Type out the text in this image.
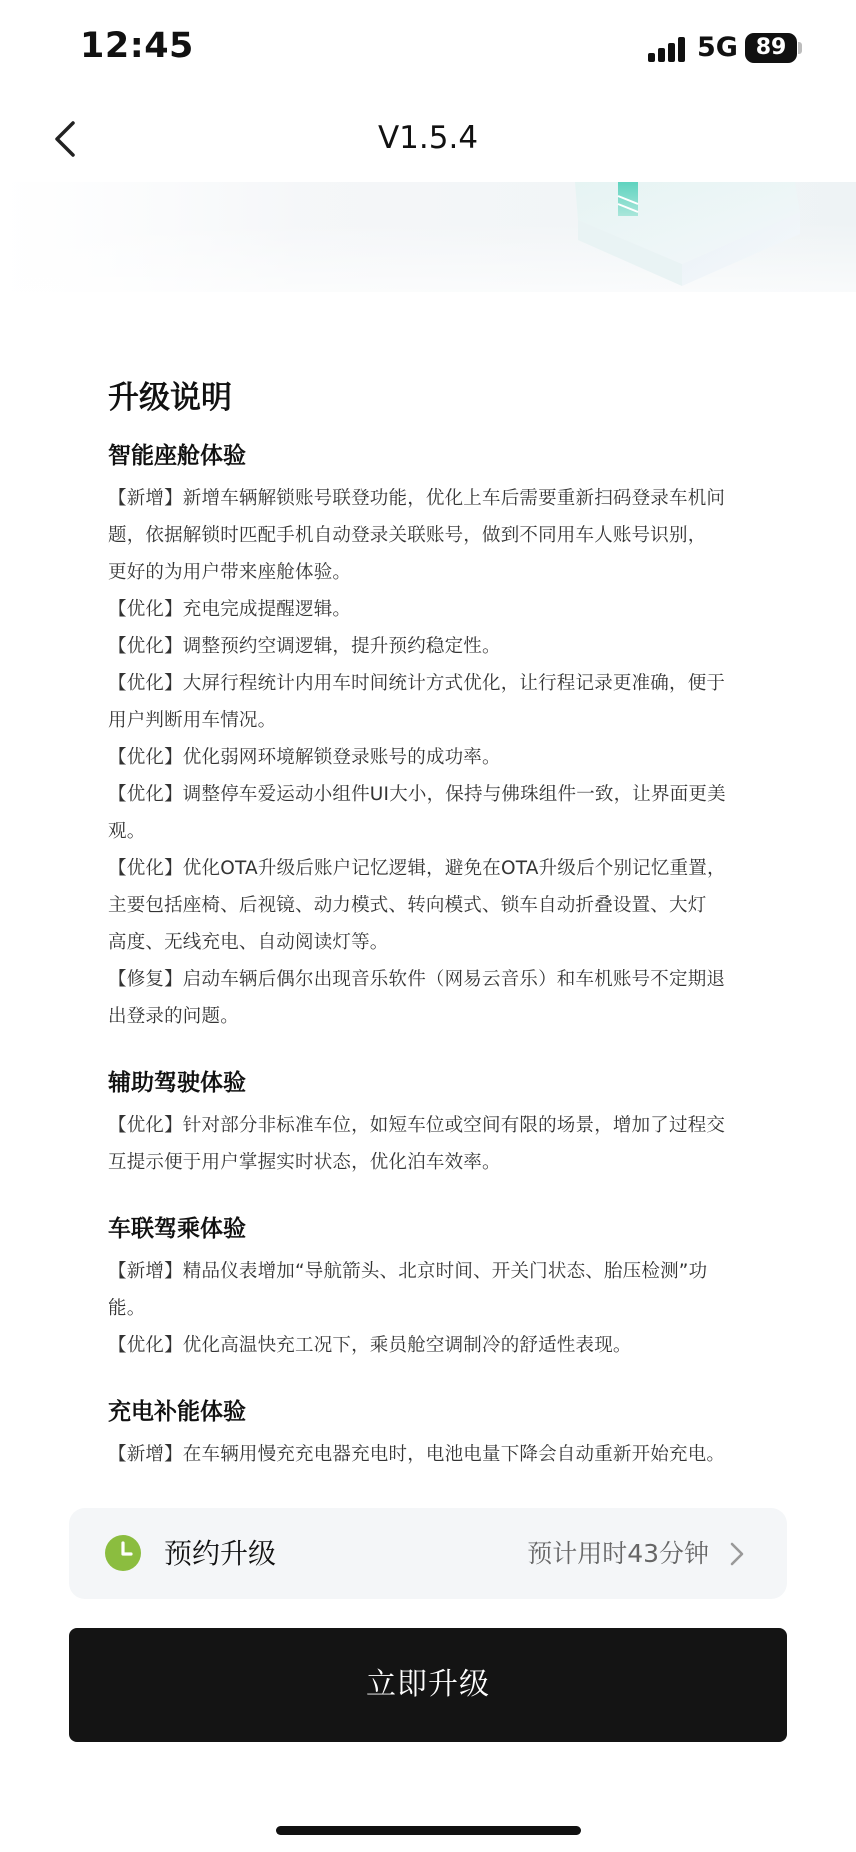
12:45	5G 89
V1.5.4
升级说明
智能座舱体验
【新增】新增车辆解锁账号联登功能，优化上车后需要重新扫码登录车机问
题，依据解锁时匹配手机自动登录关联账号，做到不同用车人账号识别，
更好的为用户带来座舱体验。
【优化】充电完成提醒逻辑。
【优化】调整预约空调逻辑，提升预约稳定性。
【优化】大屏行程统计内用车时间统计方式优化，让行程记录更准确，便于
用户判断用车情况。
【优化】优化弱网环境解锁登录账号的成功率。
【优化】调整停车爱运动小组件UI大小，保持与佛珠组件一致，让界面更美
观。
【优化】优化OTA升级后账户记忆逻辑，避免在OTA升级后个别记忆重置，
主要包括座椅、后视镜、动力模式、转向模式、锁车自动折叠设置、大灯
高度、无线充电、自动阅读灯等。
【修复】启动车辆后偶尔出现音乐软件（网易云音乐）和车机账号不定期退
出登录的问题。
辅助驾驶体验
【优化】针对部分非标准车位，如短车位或空间有限的场景，增加了过程交
互提示便于用户掌握实时状态，优化泊车效率。
车联驾乘体验
【新增】精品仪表增加“导航箭头、北京时间、开关门状态、胎压检测”功
能。
【优化】优化高温快充工况下，乘员舱空调制冷的舒适性表现。
充电补能体验
【新增】在车辆用慢充充电器充电时，电池电量下降会自动重新开始充电。
预约升级	预计用时43分钟
立即升级
